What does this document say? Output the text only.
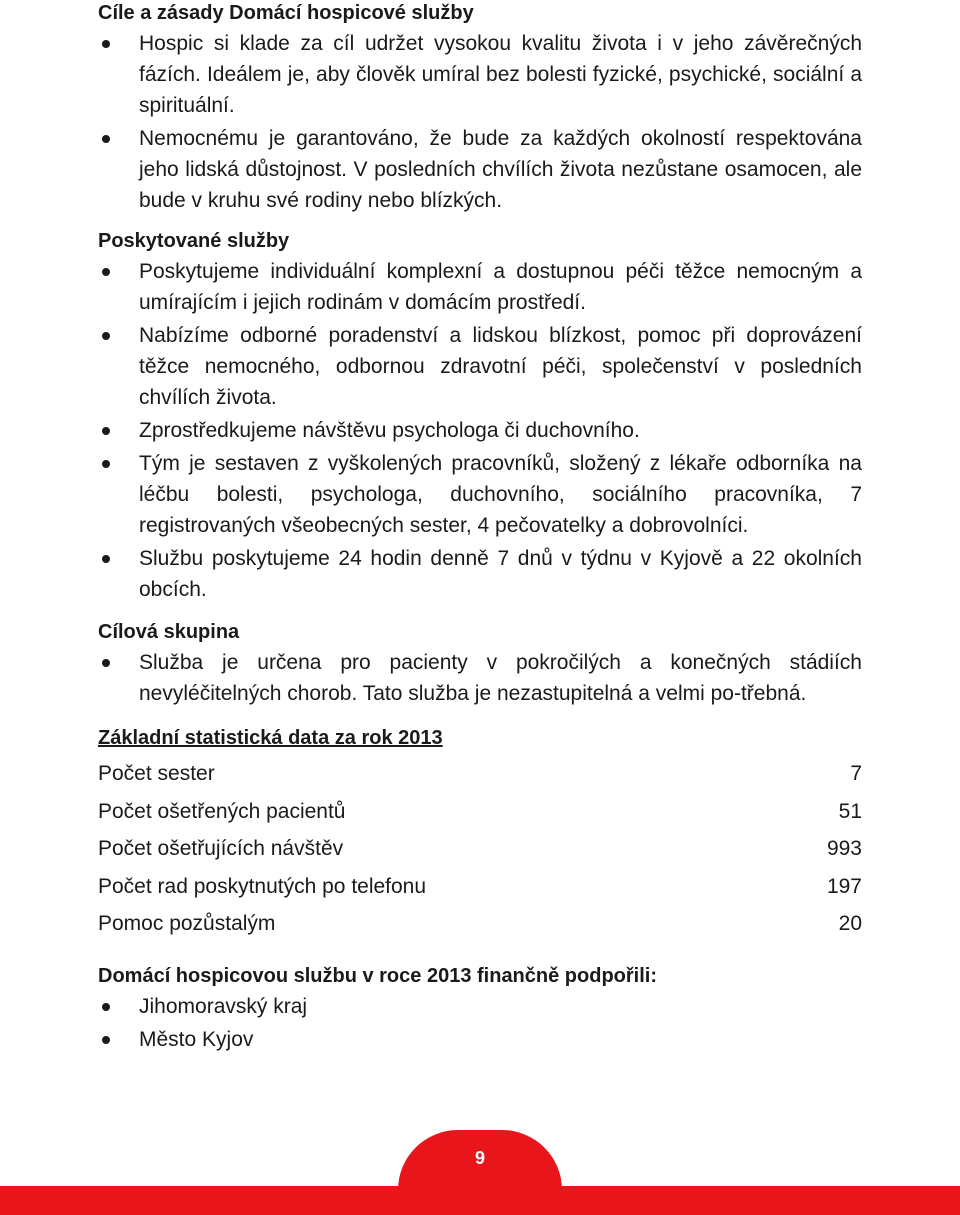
Cíle a zásady Domácí hospicové služby

Hospic si klade za cíl udržet vysokou kvalitu života i v jeho závěrečných fázích. Ideálem je, aby člověk umíral bez bolesti fyzické, psychické, sociální a spirituální.
Nemocnému je garantováno, že bude za každých okolností respektována jeho lidská důstojnost. V posledních chvílích života nezůstane osamocen, ale bude v kruhu své rodiny nebo blízkých.

Poskytované služby

Poskytujeme individuální komplexní a dostupnou péči těžce nemocným a umírajícím i jejich rodinám v domácím prostředí.
Nabízíme odborné poradenství a lidskou blízkost, pomoc při doprovázení těžce nemocného, odbornou zdravotní péči, společenství v posledních chvílích života.
Zprostředkujeme návštěvu psychologa či duchovního.
Tým je sestaven z vyškolených pracovníků, složený z lékaře odborníka na léčbu bolesti, psychologa, duchovního, sociálního pracovníka, 7 registrovaných všeobecných sester, 4 pečovatelky a dobrovolníci.
Službu poskytujeme 24 hodin denně 7 dnů v týdnu v Kyjově a 22 okolních obcích.

Cílová skupina

Služba je určena pro pacienty v pokročilých a konečných stádiích nevyléčitelných chorob. Tato služba je nezastupitelná a velmi po-třebná.

Základní statistická data za rok 2013

Počet sester	7
Počet ošetřených pacientů	51
Počet ošetřujících návštěv	993
Počet rad poskytnutých po telefonu	197
Pomoc pozůstalým	20

Domácí hospicovou službu v roce 2013 finančně podpořili:

Jihomoravský kraj
Město Kyjov
9
